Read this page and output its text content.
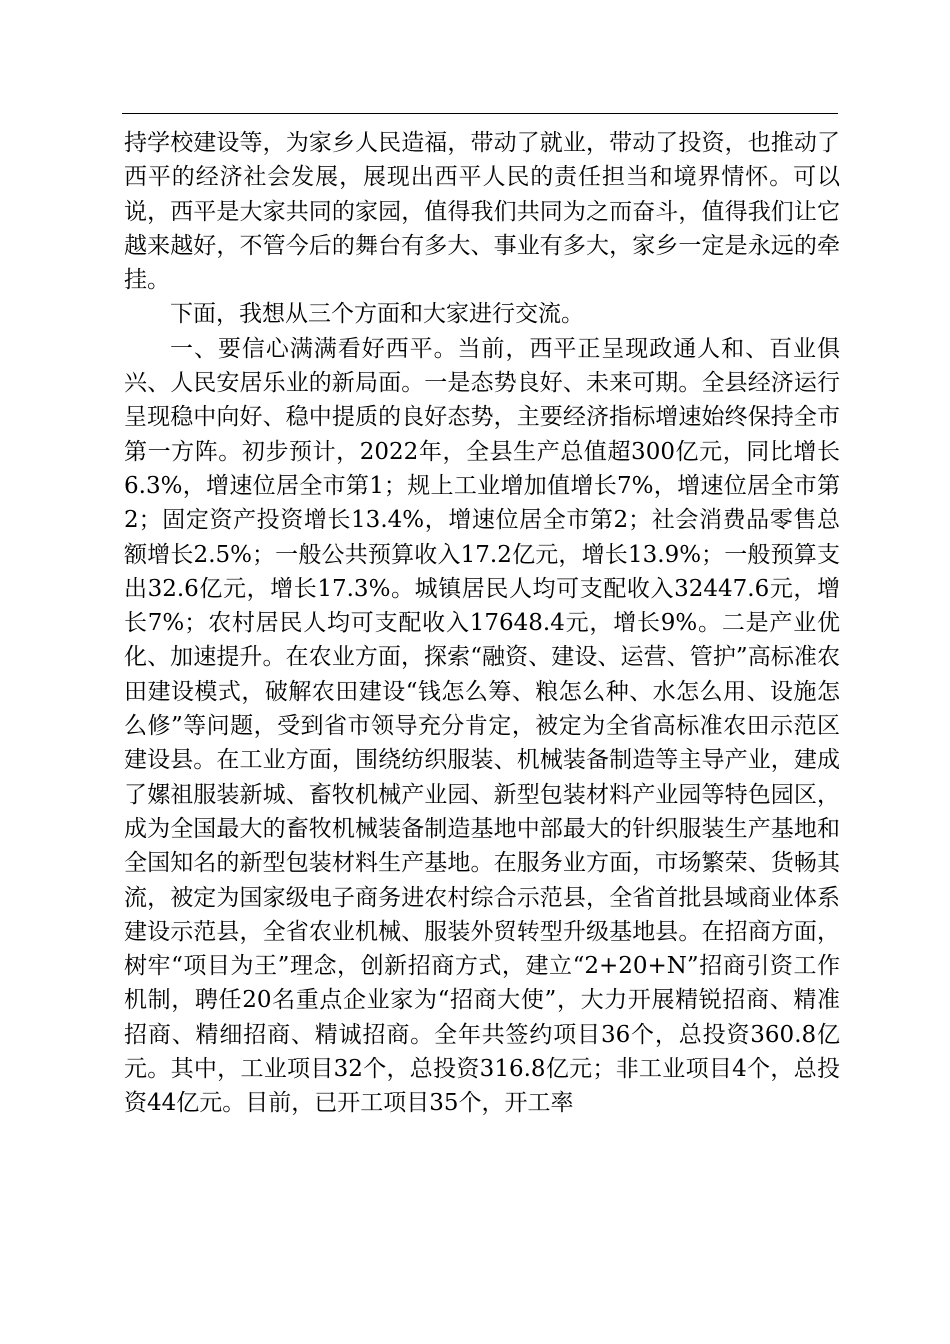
持学校建设等，为家乡人民造福，带动了就业，带动了投资，也推动了西平的经济社会发展，展现出西平人民的责任担当和境界情怀。可以说，西平是大家共同的家园，值得我们共同为之而奋斗，值得我们让它越来越好，不管今后的舞台有多大、事业有多大，家乡一定是永远的牵挂。

下面，我想从三个方面和大家进行交流。

一、要信心满满看好西平。当前，西平正呈现政通人和、百业俱兴、人民安居乐业的新局面。一是态势良好、未来可期。全县经济运行呈现稳中向好、稳中提质的良好态势，主要经济指标增速始终保持全市第一方阵。初步预计，2022年，全县生产总值超300亿元，同比增长6.3%，增速位居全市第1；规上工业增加值增长7%，增速位居全市第2；固定资产投资增长13.4%，增速位居全市第2；社会消费品零售总额增长2.5%；一般公共预算收入17.2亿元，增长13.9%；一般预算支出32.6亿元，增长17.3%。城镇居民人均可支配收入32447.6元，增长7%；农村居民人均可支配收入17648.4元，增长9%。二是产业优化、加速提升。在农业方面，探索“融资、建设、运营、管护”高标准农田建设模式，破解农田建设“钱怎么筹、粮怎么种、水怎么用、设施怎么修”等问题，受到省市领导充分肯定，被定为全省高标准农田示范区建设县。在工业方面，围绕纺织服装、机械装备制造等主导产业，建成了嫘祖服装新城、畜牧机械产业园、新型包装材料产业园等特色园区，成为全国最大的畜牧机械装备制造基地中部最大的针织服装生产基地和全国知名的新型包装材料生产基地。在服务业方面，市场繁荣、货畅其流，被定为国家级电子商务进农村综合示范县，全省首批县域商业体系建设示范县，全省农业机械、服装外贸转型升级基地县。在招商方面，树牢“项目为王”理念，创新招商方式，建立“2+20+N”招商引资工作机制，聘任20名重点企业家为“招商大使”，大力开展精锐招商、精准招商、精细招商、精诚招商。全年共签约项目36个，总投资360.8亿元。其中，工业项目32个，总投资316.8亿元；非工业项目4个，总投资44亿元。目前，已开工项目35个，开工率
